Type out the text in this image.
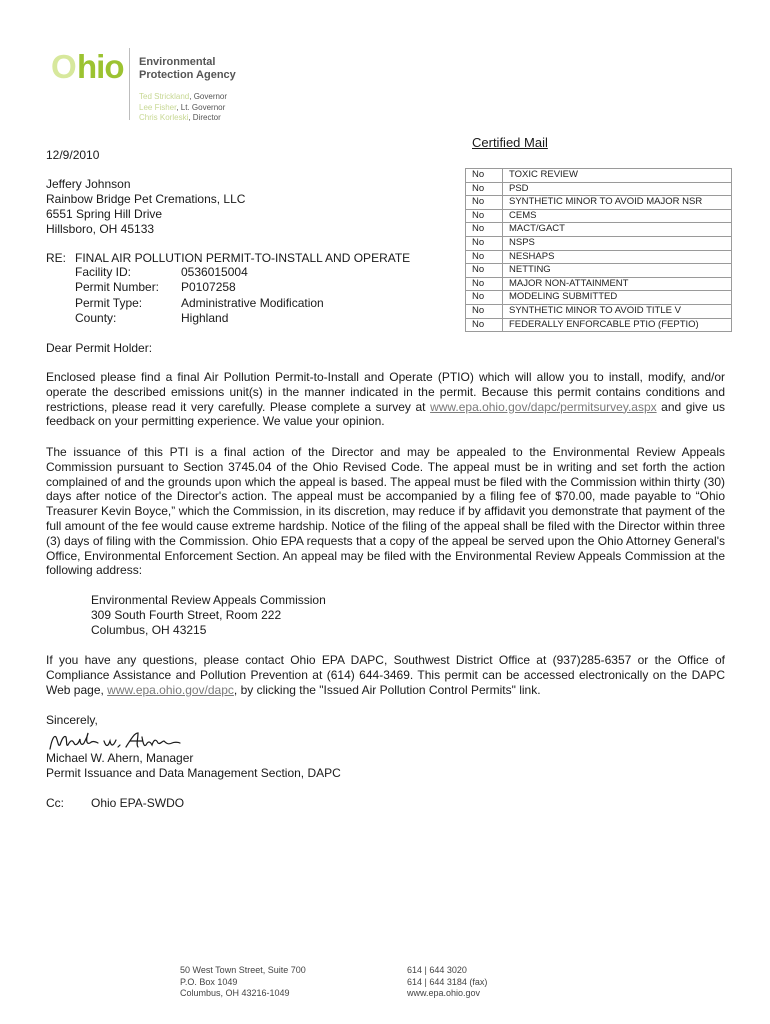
O hio Environmental
Protection Agency
Ted Strickland, Governor
Lee Fisher, Lt. Governor
Chris Korleski, Director
Certified Mail
12/9/2010
Jeffery Johnson
Rainbow Bridge Pet Cremations, LLC
6551 Spring Hill Drive
Hillsboro, OH 45133
No	TOXIC REVIEW
No	PSD
No	SYNTHETIC MINOR TO AVOID MAJOR NSR
No	CEMS
No	MACT/GACT
No	NSPS
No	NESHAPS
No	NETTING
No	MAJOR NON-ATTAINMENT
No	MODELING SUBMITTED
No	SYNTHETIC MINOR TO AVOID TITLE V
No	FEDERALLY ENFORCABLE PTIO (FEPTIO)
RE: FINAL AIR POLLUTION PERMIT-TO-INSTALL AND OPERATE
Facility ID:	0536015004
Permit Number: P0107258
Permit Type:	Administrative Modification
County:	Highland
Dear Permit Holder:

Enclosed please find a final Air Pollution Permit-to-Install and Operate (PTIO) which will allow you to install, modify, and/or operate the described emissions unit(s) in the manner indicated in the permit. Because this permit contains conditions and restrictions, please read it very carefully. Please complete a survey at www.epa.ohio.gov/dapc/permitsurvey.aspx and give us feedback on your permitting experience. We value your opinion.

The issuance of this PTI is a final action of the Director and may be appealed to the Environmental Review Appeals Commission pursuant to Section 3745.04 of the Ohio Revised Code. The appeal must be in writing and set forth the action complained of and the grounds upon which the appeal is based. The appeal must be filed with the Commission within thirty (30) days after notice of the Director's action. The appeal must be accompanied by a filing fee of $70.00, made payable to “Ohio Treasurer Kevin Boyce,” which the Commission, in its discretion, may reduce if by affidavit you demonstrate that payment of the full amount of the fee would cause extreme hardship. Notice of the filing of the appeal shall be filed with the Director within three (3) days of filing with the Commission. Ohio EPA requests that a copy of the appeal be served upon the Ohio Attorney General's Office, Environmental Enforcement Section. An appeal may be filed with the Environmental Review Appeals Commission at the following address:

Environmental Review Appeals Commission
309 South Fourth Street, Room 222
Columbus, OH 43215

If you have any questions, please contact Ohio EPA DAPC, Southwest District Office at (937)285-6357 or the Office of Compliance Assistance and Pollution Prevention at (614) 644-3469. This permit can be accessed electronically on the DAPC Web page, www.epa.ohio.gov/dapc, by clicking the "Issued Air Pollution Control Permits" link.

Sincerely,
Michael W. Ahern, Manager
Permit Issuance and Data Management Section, DAPC
Cc: Ohio EPA-SWDO
50 West Town Street, Suite 700
P.O. Box 1049
Columbus, OH 43216-1049
614 | 644 3020
614 | 644 3184 (fax)
www.epa.ohio.gov
